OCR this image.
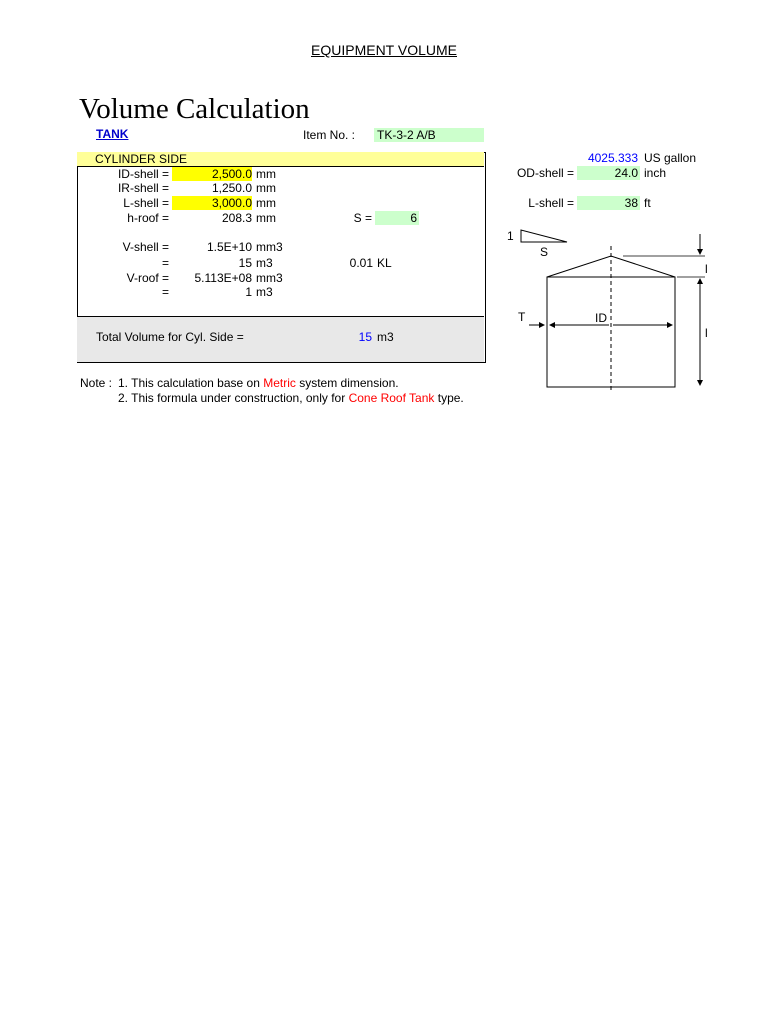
EQUIPMENT VOLUME
Volume Calculation
TANK	Item No. : TK-3-2 A/B
CYLINDER SIDE
ID-shell =	2,500.0 mm
IR-shell =	1,250.0 mm
L-shell =	3,000.0 mm
h-roof =	208.3 mm	S =	6
V-shell =	1.5E+10 mm3
=	15 m3	0.01 KL
V-roof =	5.113E+08 mm3
=	1 m3
Total Volume for Cyl. Side =	15 m3
4025.333 US gallon
OD-shell =	24.0 inch
L-shell =	38 ft
1
S
T	ID
l
l
Note : 1. This calculation base on Metric system dimension.
2. This formula under construction, only for Cone Roof Tank type.
